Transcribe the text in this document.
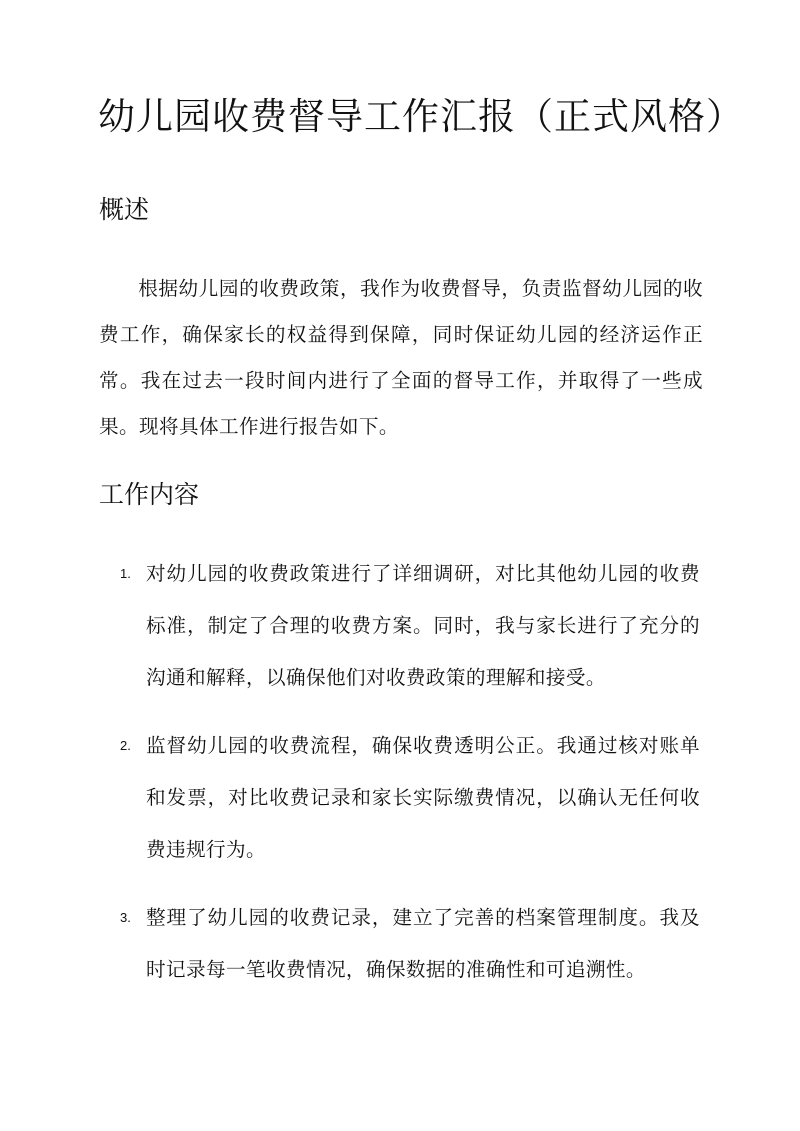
幼儿园收费督导工作汇报（正式风格）
概述

根据幼儿园的收费政策，我作为收费督导，负责监督幼儿园的收费工作，确保家长的权益得到保障，同时保证幼儿园的经济运作正常。我在过去一段时间内进行了全面的督导工作，并取得了一些成果。现将具体工作进行报告如下。

工作内容
1. 对幼儿园的收费政策进行了详细调研，对比其他幼儿园的收费标准，制定了合理的收费方案。同时，我与家长进行了充分的沟通和解释，以确保他们对收费政策的理解和接受。
2. 监督幼儿园的收费流程，确保收费透明公正。我通过核对账单和发票，对比收费记录和家长实际缴费情况，以确认无任何收费违规行为。
3. 整理了幼儿园的收费记录，建立了完善的档案管理制度。我及时记录每一笔收费情况，确保数据的准确性和可追溯性。
